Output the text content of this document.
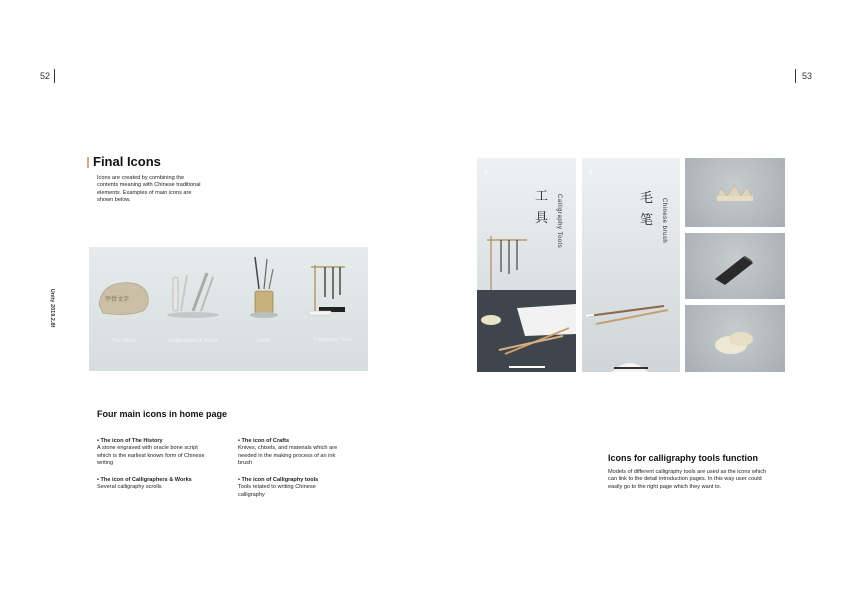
52	53
Unity 2019.2.8f
Final Icons
Icons are created by combining the contents meaning with Chinese traditional elements. Examples of main icons are shown below.
甲骨文字
The History	Calligraphers & Works	Crafts	Calligraphy Tools
Four main icons in home page
• The icon of The History
A stone engraved with oracle bone script which is the earliest known form of Chinese writing
• The icon of Crafts
Knives, chisels, and materials which are needed in the making process of an ink brush
• The icon of Calligraphers & Works
Several calligraphy scrolls
• The icon of Calligraphy tools
Tools related to writing Chinese calligraphy
‹
工
具 Calligraphy Tools
‹
毛
笔 Chinese brush
Icons for calligraphy tools function
Models of different calligraphy tools are used as the icons which can link to the detail introduction pages. In this way user could easily go to the right page which they want to.
